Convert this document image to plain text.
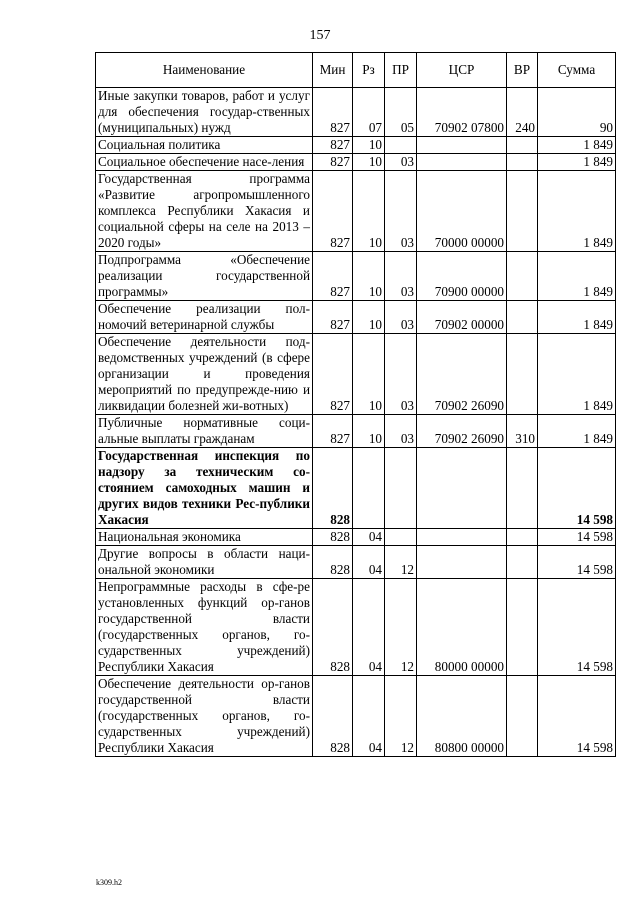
157
Наименование	Мин	Рз	ПР	ЦСР	ВР	Сумма
Иные закупки товаров, работ и услуг для обеспечения государ-ственных (муниципальных) нужд	827	07	05	70902 07800	240	90
Социальная политика	827	10				1 849
Социальное обеспечение насе-ления	827	10	03			1 849
Государственная программа «Развитие агропромышленного комплекса Республики Хакасия и социальной сферы на селе на 2013 – 2020 годы»	827	10	03	70000 00000		1 849
Подпрограмма «Обеспечение реализации государственной программы»	827	10	03	70900 00000		1 849
Обеспечение реализации пол-номочий ветеринарной службы	827	10	03	70902 00000		1 849
Обеспечение деятельности под-ведомственных учреждений (в сфере организации и проведения мероприятий по предупрежде-нию и ликвидации болезней жи-вотных)	827	10	03	70902 26090		1 849
Публичные нормативные соци-альные выплаты гражданам	827	10	03	70902 26090	310	1 849
Государственная инспекция по надзору за техническим со-стоянием самоходных машин и других видов техники Рес-публики Хакасия	828					14 598
Национальная экономика	828	04				14 598
Другие вопросы в области наци-ональной экономики	828	04	12			14 598
Непрограммные расходы в сфе-ре установленных функций ор-ганов государственной власти (государственных органов, го-сударственных учреждений) Республики Хакасия	828	04	12	80000 00000		14 598
Обеспечение деятельности ор-ганов государственной власти (государственных органов, го-сударственных учреждений) Республики Хакасия	828	04	12	80800 00000		14 598
k309.h2
